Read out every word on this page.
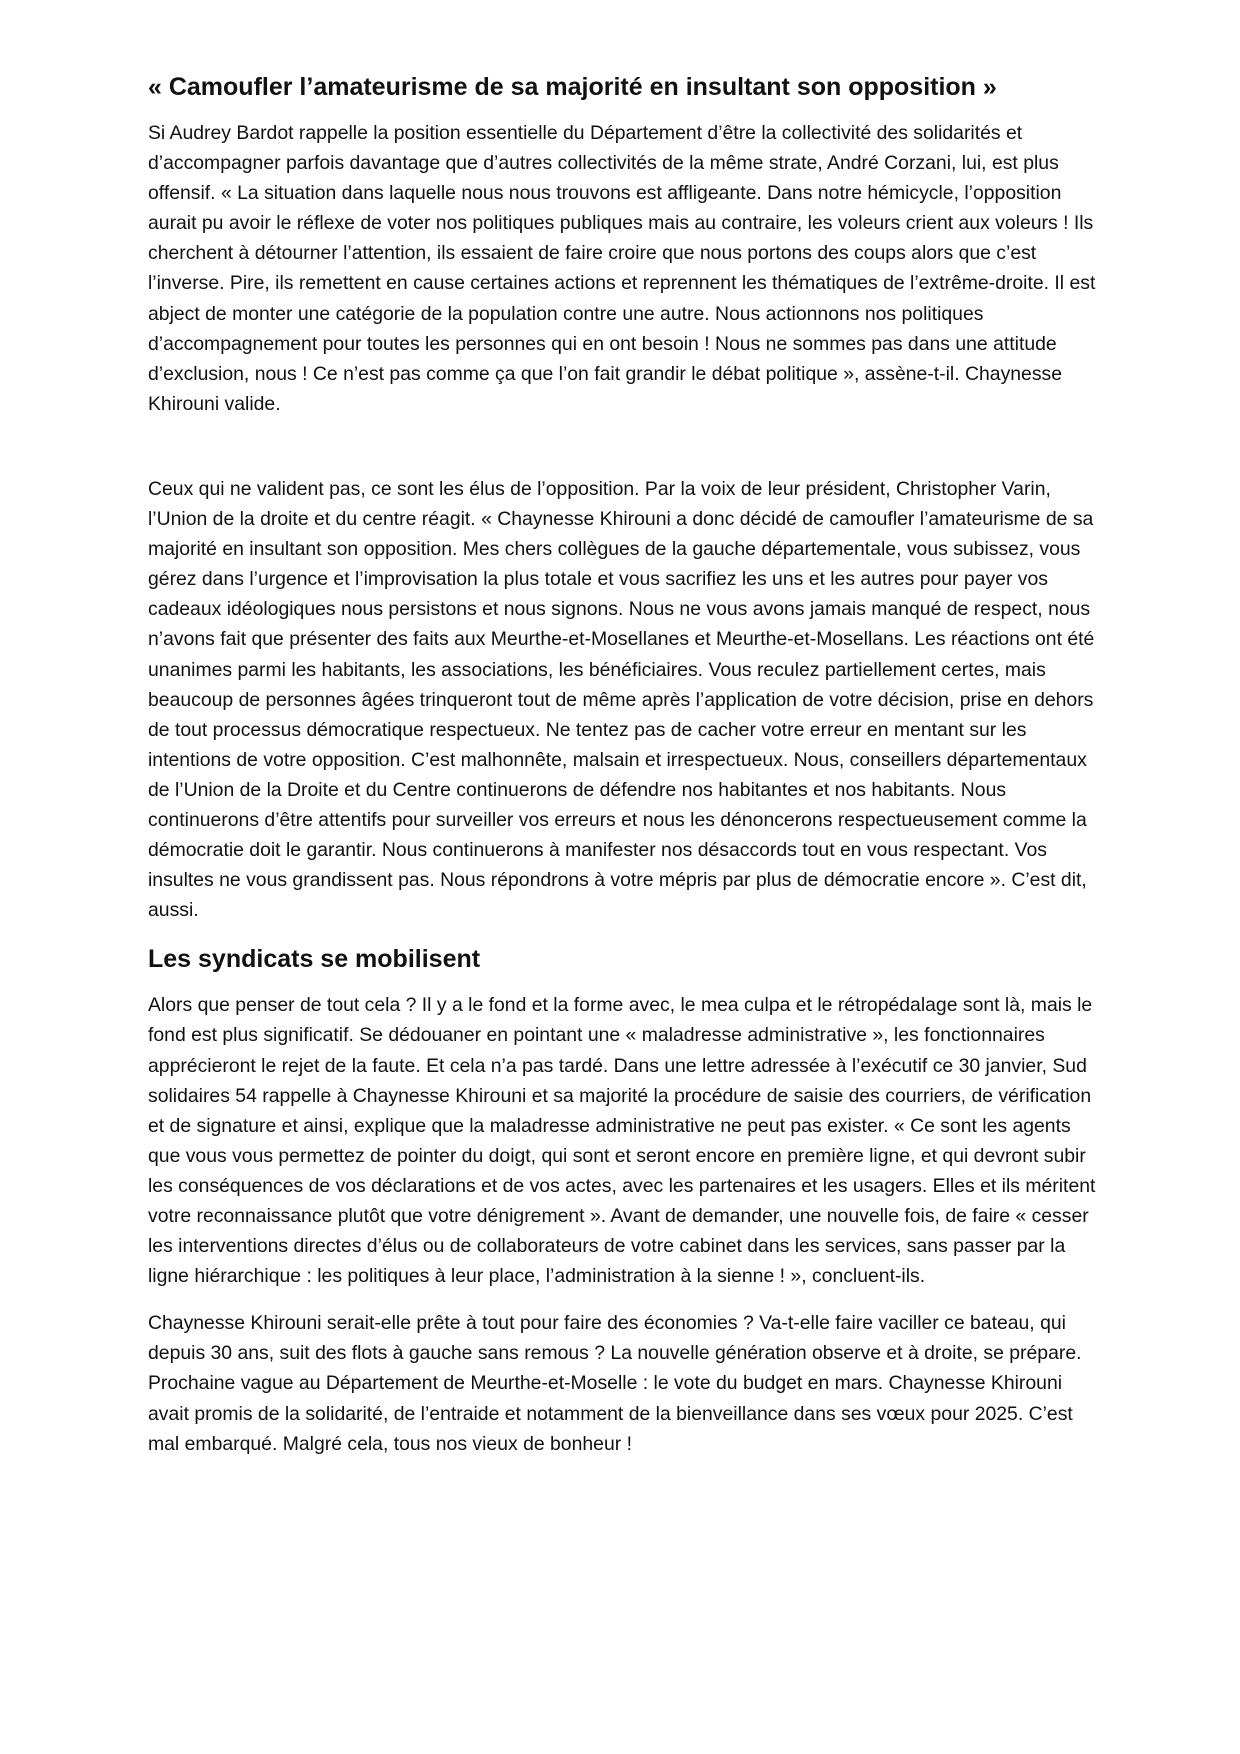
« Camoufler l’amateurisme de sa majorité en insultant son opposition »

Si Audrey Bardot rappelle la position essentielle du Département d’être la collectivité des solidarités et d’accompagner parfois davantage que d’autres collectivités de la même strate, André Corzani, lui, est plus offensif. « La situation dans laquelle nous nous trouvons est affligeante. Dans notre hémicycle, l’opposition aurait pu avoir le réflexe de voter nos politiques publiques mais au contraire, les voleurs crient aux voleurs ! Ils cherchent à détourner l’attention, ils essaient de faire croire que nous portons des coups alors que c’est l’inverse. Pire, ils remettent en cause certaines actions et reprennent les thématiques de l’extrême-droite. Il est abject de monter une catégorie de la population contre une autre. Nous actionnons nos politiques d’accompagnement pour toutes les personnes qui en ont besoin ! Nous ne sommes pas dans une attitude d’exclusion, nous ! Ce n’est pas comme ça que l’on fait grandir le débat politique », assène-t-il. Chaynesse Khirouni valide.

Ceux qui ne valident pas, ce sont les élus de l’opposition. Par la voix de leur président, Christopher Varin, l’Union de la droite et du centre réagit. « Chaynesse Khirouni a donc décidé de camoufler l’amateurisme de sa majorité en insultant son opposition. Mes chers collègues de la gauche départementale, vous subissez, vous gérez dans l’urgence et l’improvisation la plus totale et vous sacrifiez les uns et les autres pour payer vos cadeaux idéologiques nous persistons et nous signons. Nous ne vous avons jamais manqué de respect, nous n’avons fait que présenter des faits aux Meurthe-et-Mosellanes et Meurthe-et-Mosellans. Les réactions ont été unanimes parmi les habitants, les associations, les bénéficiaires. Vous reculez partiellement certes, mais beaucoup de personnes âgées trinqueront tout de même après l’application de votre décision, prise en dehors de tout processus démocratique respectueux. Ne tentez pas de cacher votre erreur en mentant sur les intentions de votre opposition. C’est malhonnête, malsain et irrespectueux. Nous, conseillers départementaux de l’Union de la Droite et du Centre continuerons de défendre nos habitantes et nos habitants. Nous continuerons d’être attentifs pour surveiller vos erreurs et nous les dénoncerons respectueusement comme la démocratie doit le garantir. Nous continuerons à manifester nos désaccords tout en vous respectant. Vos insultes ne vous grandissent pas. Nous répondrons à votre mépris par plus de démocratie encore ». C’est dit, aussi.

Les syndicats se mobilisent

Alors que penser de tout cela ? Il y a le fond et la forme avec, le mea culpa et le rétropédalage sont là, mais le fond est plus significatif. Se dédouaner en pointant une « maladresse administrative », les fonctionnaires apprécieront le rejet de la faute. Et cela n’a pas tardé. Dans une lettre adressée à l’exécutif ce 30 janvier, Sud solidaires 54 rappelle à Chaynesse Khirouni et sa majorité la procédure de saisie des courriers, de vérification et de signature et ainsi, explique que la maladresse administrative ne peut pas exister. « Ce sont les agents que vous vous permettez de pointer du doigt, qui sont et seront encore en première ligne, et qui devront subir les conséquences de vos déclarations et de vos actes, avec les partenaires et les usagers. Elles et ils méritent votre reconnaissance plutôt que votre dénigrement ». Avant de demander, une nouvelle fois, de faire « cesser les interventions directes d’élus ou de collaborateurs de votre cabinet dans les services, sans passer par la ligne hiérarchique : les politiques à leur place, l’administration à la sienne ! », concluent-ils.

Chaynesse Khirouni serait-elle prête à tout pour faire des économies ? Va-t-elle faire vaciller ce bateau, qui depuis 30 ans, suit des flots à gauche sans remous ? La nouvelle génération observe et à droite, se prépare. Prochaine vague au Département de Meurthe-et-Moselle : le vote du budget en mars. Chaynesse Khirouni avait promis de la solidarité, de l’entraide et notamment de la bienveillance dans ses vœux pour 2025. C’est mal embarqué. Malgré cela, tous nos vieux de bonheur !
